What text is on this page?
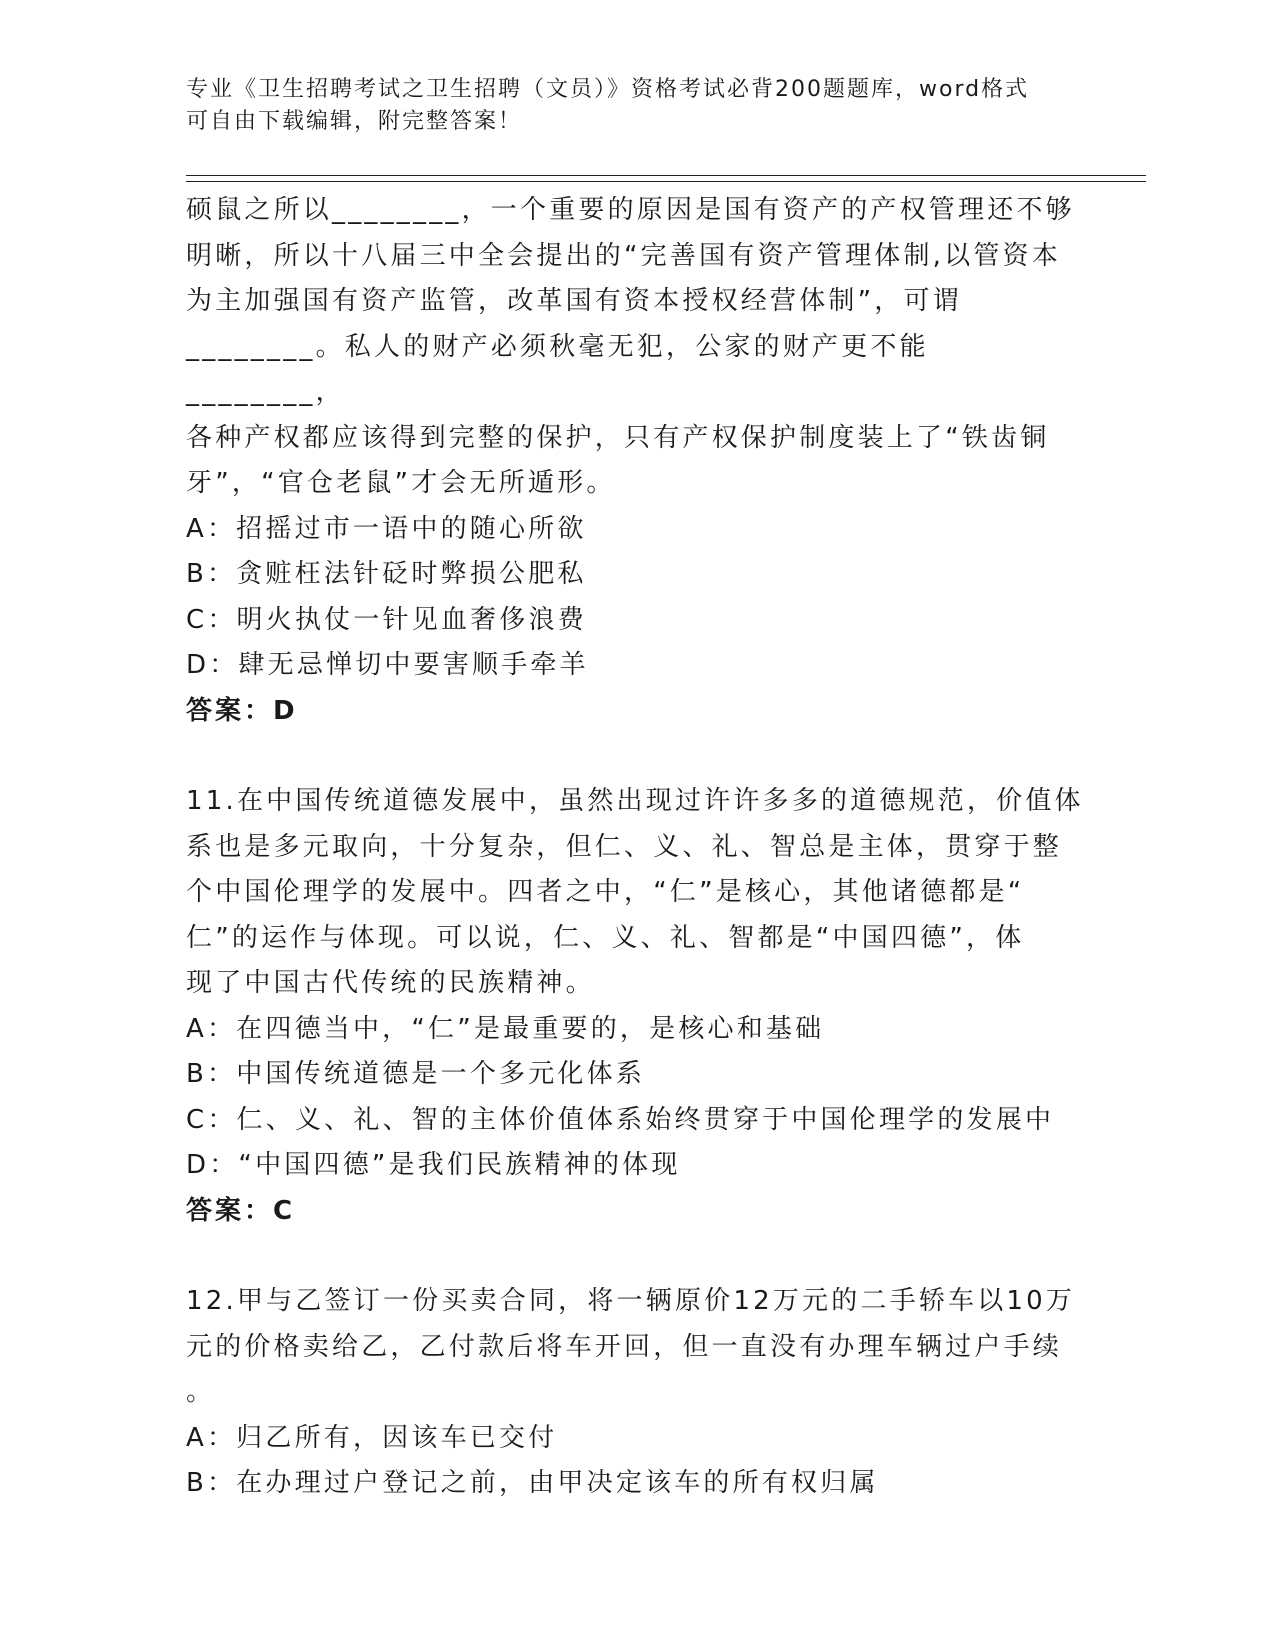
专业《卫生招聘考试之卫生招聘（文员）》资格考试必背200题题库，word格式
可自由下载编辑，附完整答案！

硕鼠之所以________，一个重要的原因是国有资产的产权管理还不够

明晰，所以十八届三中全会提出的“完善国有资产管理体制,以管资本

为主加强国有资产监管，改革国有资本授权经营体制”，可谓

________。私人的财产必须秋毫无犯，公家的财产更不能________，

各种产权都应该得到完整的保护，只有产权保护制度装上了“铁齿铜

牙”，“官仓老鼠”才会无所遁形。

A：招摇过市一语中的随心所欲

B：贪赃枉法针砭时弊损公肥私

C：明火执仗一针见血奢侈浪费

D：肆无忌惮切中要害顺手牵羊

答案：D

11.在中国传统道德发展中，虽然出现过许许多多的道德规范，价值体

系也是多元取向，十分复杂，但仁、义、礼、智总是主体，贯穿于整

个中国伦理学的发展中。四者之中，“仁”是核心，其他诸德都是“

仁”的运作与体现。可以说，仁、义、礼、智都是“中国四德”，体

现了中国古代传统的民族精神。

A：在四德当中，“仁”是最重要的，是核心和基础

B：中国传统道德是一个多元化体系

C：仁、义、礼、智的主体价值体系始终贯穿于中国伦理学的发展中

D：“中国四德”是我们民族精神的体现

答案：C

12.甲与乙签订一份买卖合同，将一辆原价12万元的二手轿车以10万

元的价格卖给乙，乙付款后将车开回，但一直没有办理车辆过户手续

。

A：归乙所有，因该车已交付

B：在办理过户登记之前，由甲决定该车的所有权归属
